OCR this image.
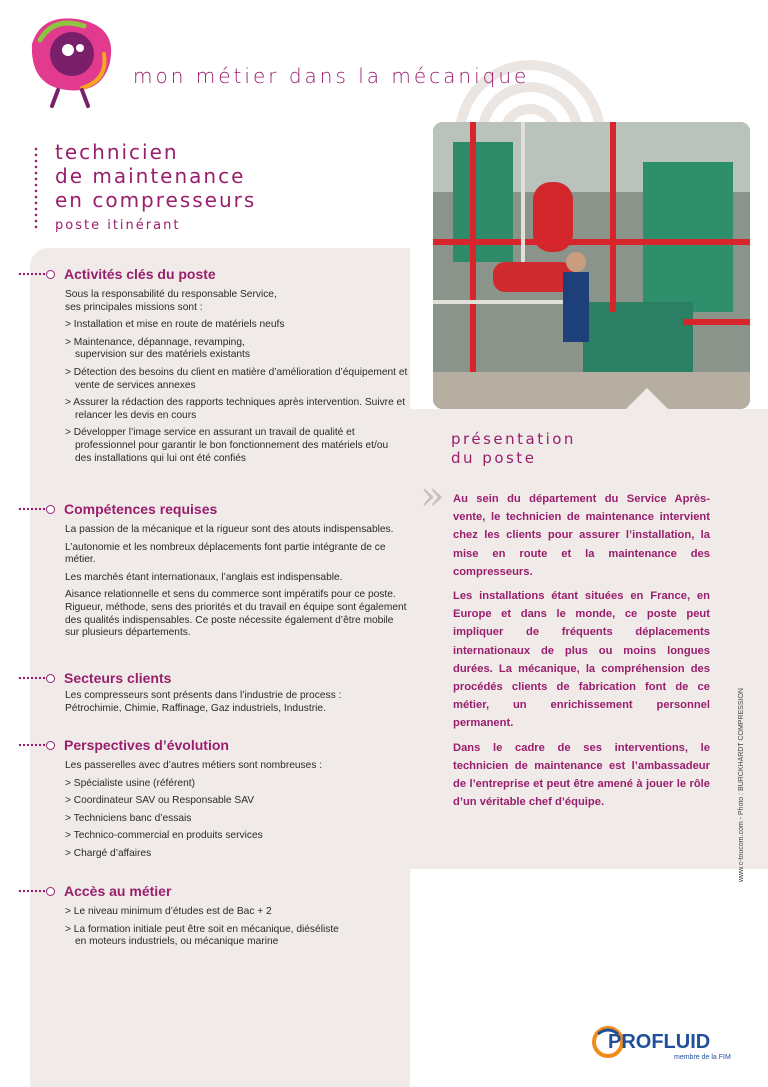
mon métier dans la mécanique
technicien
de maintenance
en compresseurs
poste itinérant
Activités clés du poste

Sous la responsabilité du responsable Service,

ses principales missions sont :

> Installation et mise en route de matériels neufs
> Maintenance, dépannage, revamping, supervision sur des matériels existants
> Détection des besoins du client en matière d’amélioration d’équipement et vente de services annexes
> Assurer la rédaction des rapports techniques après intervention. Suivre et relancer les devis en cours
> Développer l’image service en assurant un travail de qualité et professionnel pour garantir le bon fonctionnement des matériels et/ou des installations qui lui ont été confiés
Compétences requises

La passion de la mécanique et la rigueur sont des atouts indispensables.

L’autonomie et les nombreux déplacements font partie intégrante de ce métier.

Les marchés étant internationaux, l’anglais est indispensable.

Aisance relationnelle et sens du commerce sont impératifs pour ce poste. Rigueur, méthode, sens des priorités et du travail en équipe sont également des qualités indispensables. Ce poste nécessite également d’être mobile sur plusieurs départements.

Secteurs clients

Les compresseurs sont présents dans l’industrie de process :

Pétrochimie, Chimie, Raffinage, Gaz industriels, Industrie.

Perspectives d’évolution

Les passerelles avec d’autres métiers sont nombreuses :

> Spécialiste usine (référent)
> Coordinateur SAV ou Responsable SAV
> Techniciens banc d’essais
> Technico-commercial en produits services
> Chargé d’affaires
Accès au métier
> Le niveau minimum d’études est de Bac + 2
> La formation initiale peut être soit en mécanique, diéséliste en moteurs industriels, ou mécanique marine
présentation
du poste
» Au sein du département du Service Après-vente, le technicien de maintenance intervient chez les clients pour assurer l’installation, la mise en route et la maintenance des compresseurs.

Les installations étant situées en France, en Europe et dans le monde, ce poste peut impliquer de fréquents déplacements internationaux de plus ou moins longues durées. La mécanique, la compréhension des procédés clients de fabrication font de ce métier, un enrichissement personnel permanent.

Dans le cadre de ses interventions, le technicien de maintenance est l’ambassadeur de l’entreprise et peut être amené à jouer le rôle d’un véritable chef d’équipe.	www.c-toucom.com - Photo : BURCKHARDT COMPRESSION
PROFLUID
membre de la FIM
